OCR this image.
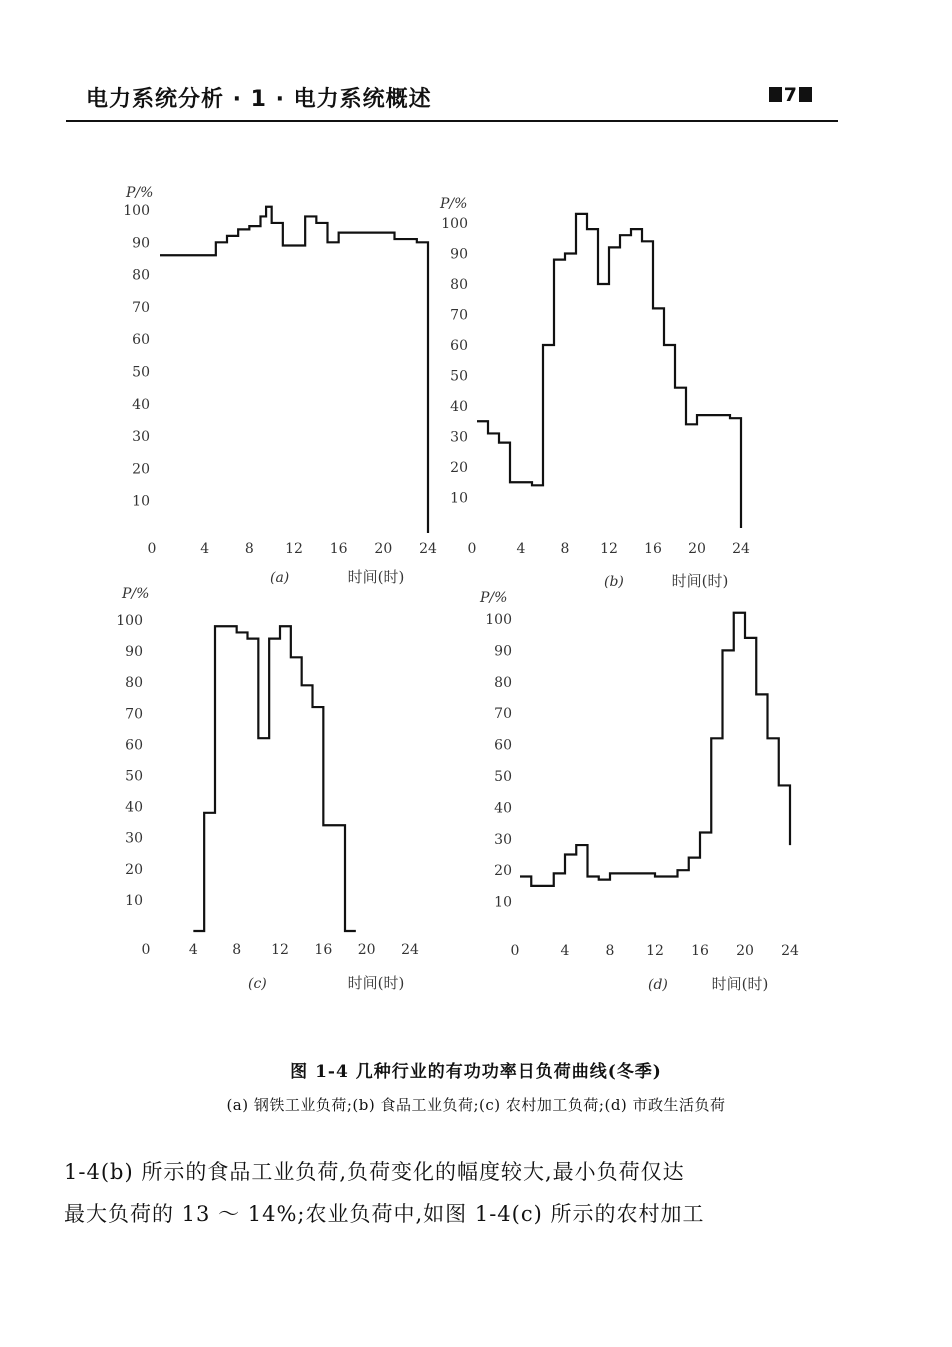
电力系统分析 · 1 · 电力系统概述	7
P/%
10
20
30
40
50
60
70
80
90
100
0	4	8 12 16 20 24
(a)	时间(时)
P/%
10
20
30
40
50
60
70
80
90
100
0	4	8 12 16 20 24
(b)	时间(时)
P/%
10
20
30
40
50
60
70
80
90
100
0	4 8 12 16 20 24
(c)	时间(时)
P/%
10
20
30
40
50
60
70
80
90
100
0	4	8 12 16 20 24
(d)	时间(时)
图 1-4 几种行业的有功功率日负荷曲线(冬季)
(a) 钢铁工业负荷;(b) 食品工业负荷;(c) 农村加工负荷;(d) 市政生活负荷
1-4(b) 所示的食品工业负荷,负荷变化的幅度较大,最小负荷仅达
最大负荷的 13 ～ 14%;农业负荷中,如图 1-4(c) 所示的农村加工
